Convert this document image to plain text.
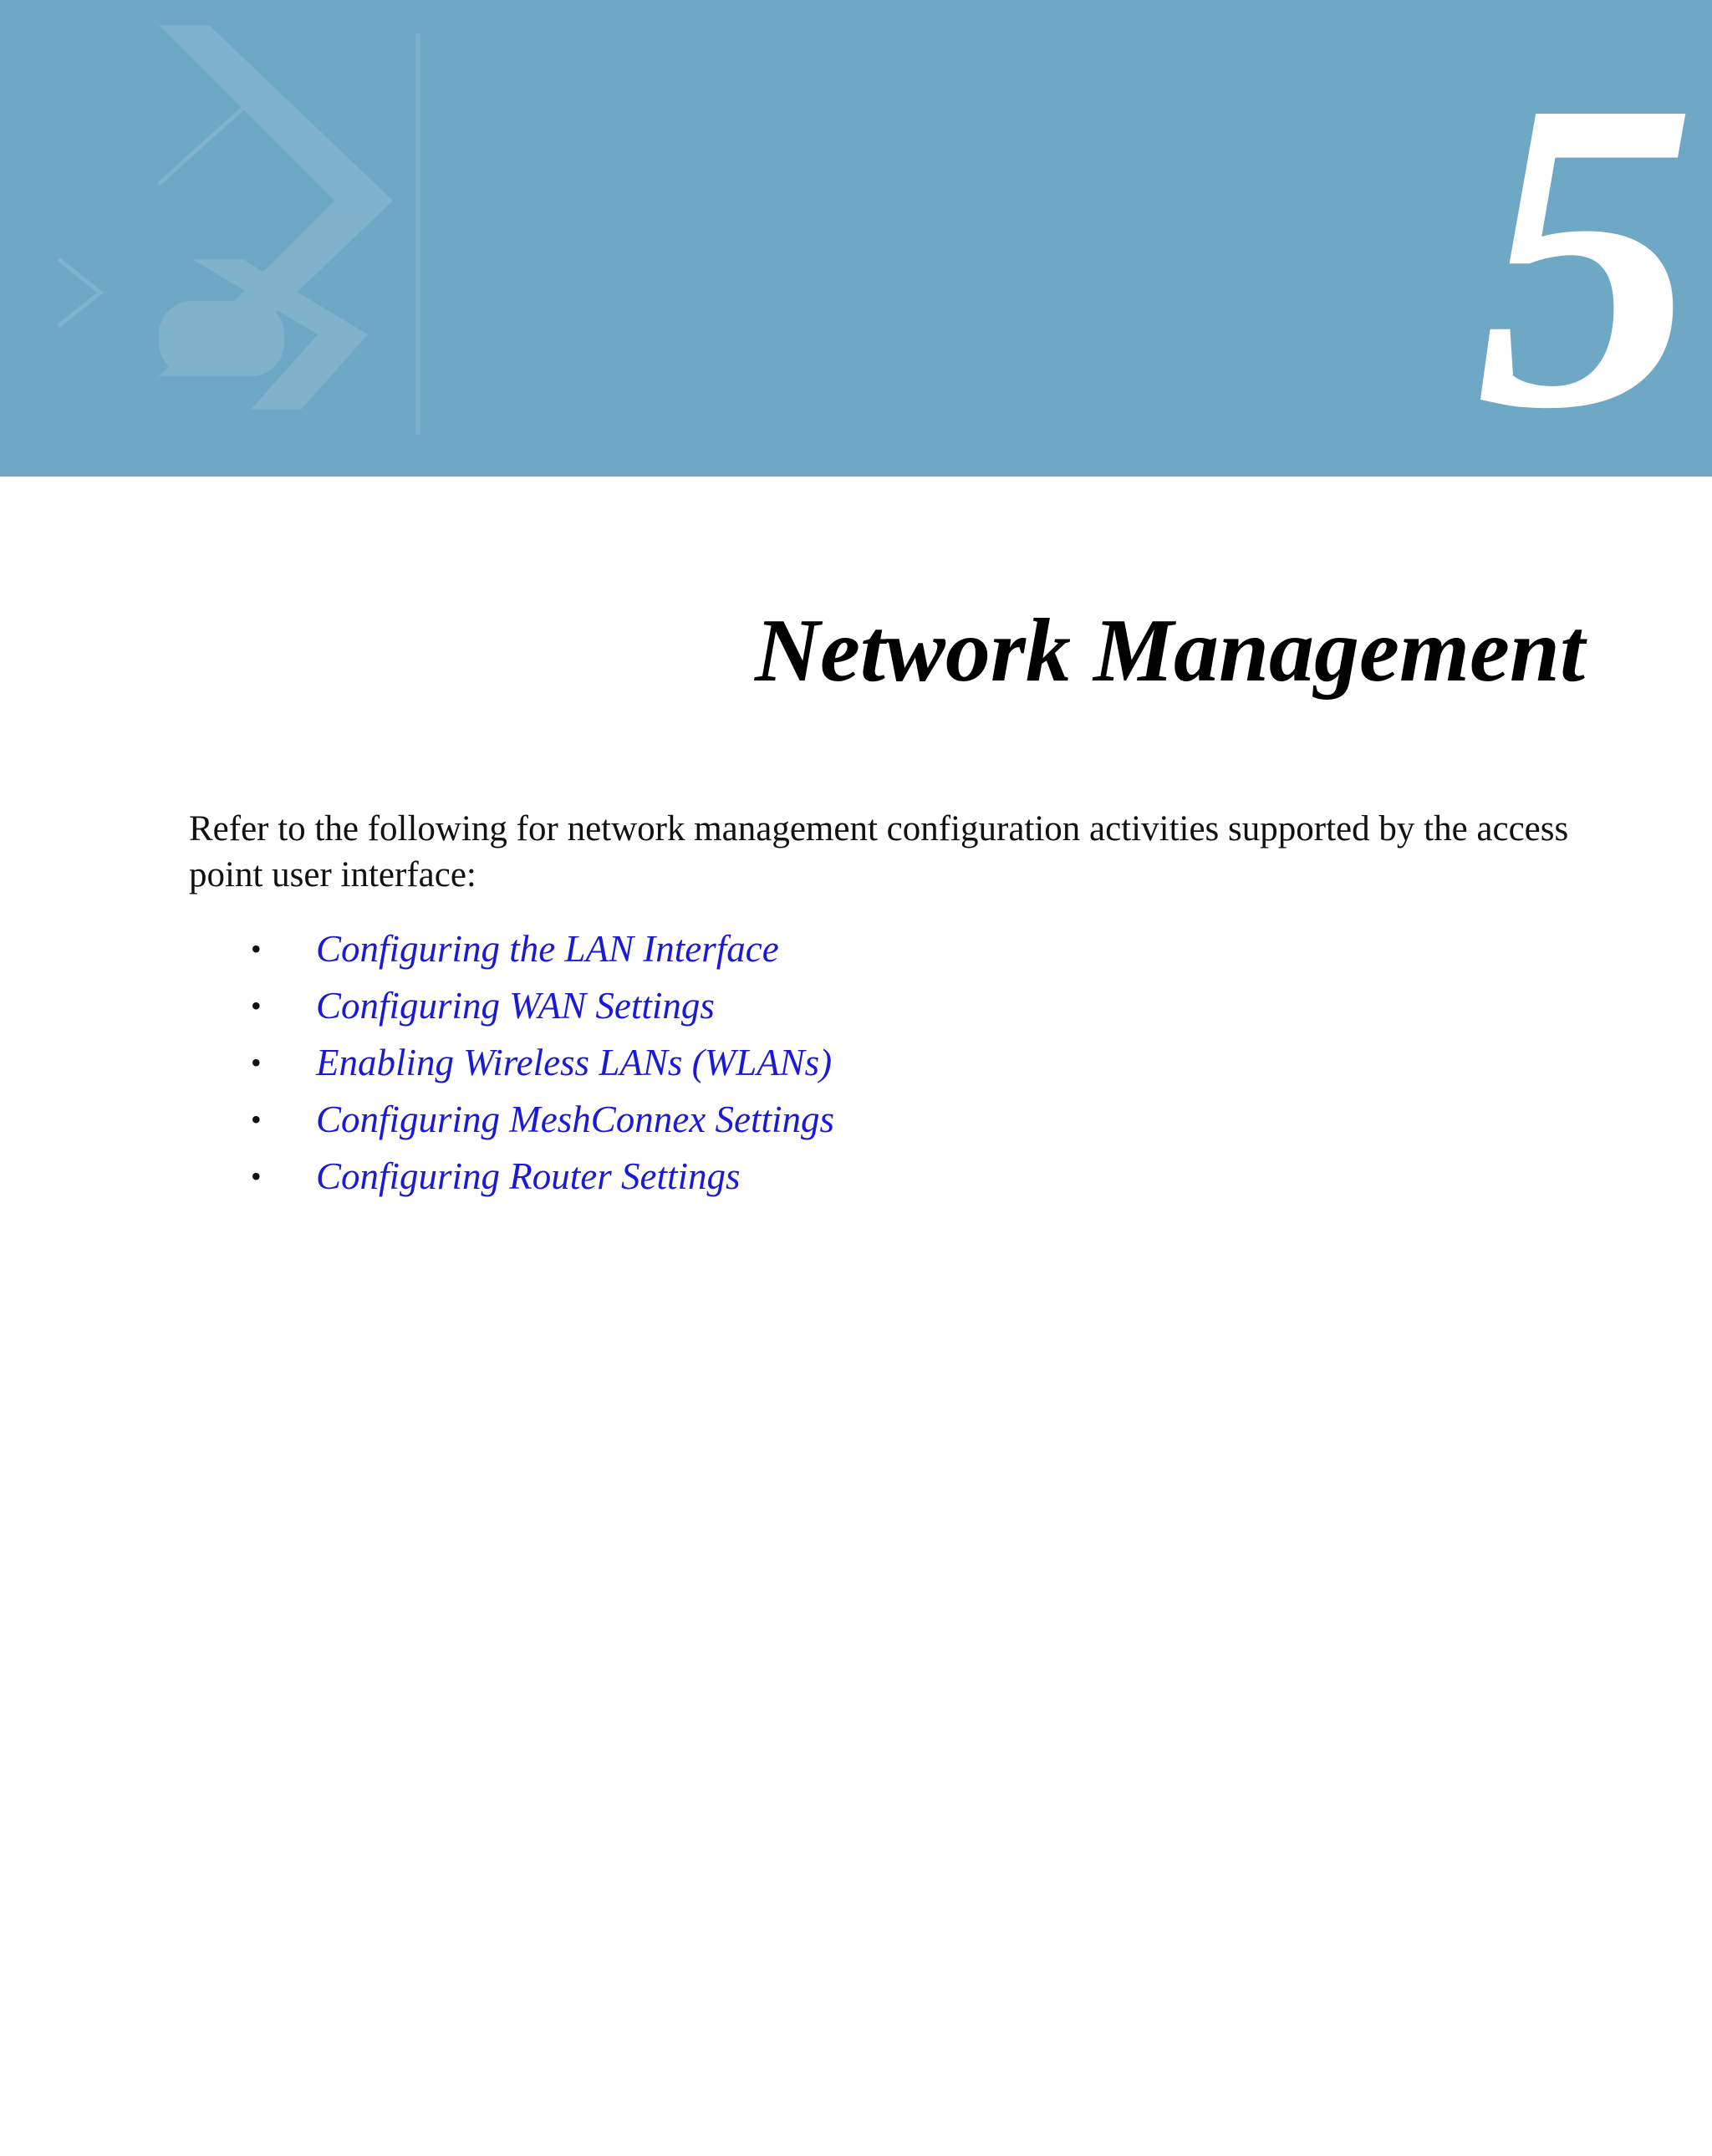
5
Network Management

Refer to the following for network management configuration activities supported by the access point user interface:

• Configuring the LAN Interface
• Configuring WAN Settings
• Enabling Wireless LANs (WLANs)
• Configuring MeshConnex Settings
• Configuring Router Settings
